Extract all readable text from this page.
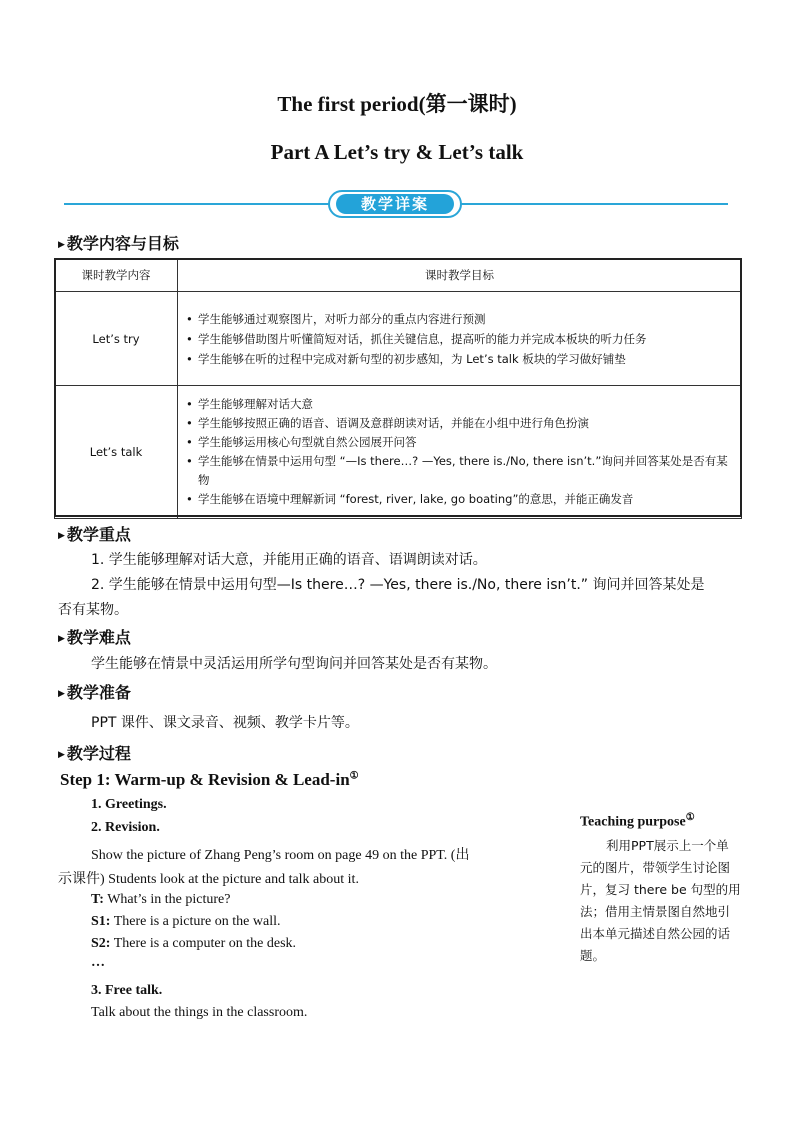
The first period(第一课时)
Part A Let’s try & Let’s talk
教学详案
▶ 教学内容与目标
课时教学内容	课时教学目标
Let’s try	• 学生能够通过观察图片，对听力部分的重点内容进行预测
• 学生能够借助图片听懂简短对话，抓住关键信息，提高听的能力并完成本板块的听力任务
• 学生能够在听的过程中完成对新句型的初步感知，为 Let’s talk 板块的学习做好铺垫

Let’s talk	• 学生能够理解对话大意
• 学生能够按照正确的语音、语调及意群朗读对话，并能在小组中进行角色扮演
• 学生能够运用核心句型就自然公园展开问答
• 学生能够在情景中运用句型 “—Is there…? —Yes, there is./No, there isn’t.”询问并回答某处是否有某物
• 学生能够在语境中理解新词 “forest, river, lake, go boating”的意思，并能正确发音
▶ 教学重点
1. 学生能够理解对话大意，并能用正确的语音、语调朗读对话。
2. 学生能够在情景中运用句型—Is there…? —Yes, there is./No, there isn’t.” 询问并回答某处是
否有某物。
▶ 教学难点
学生能够在情景中灵活运用所学句型询问并回答某处是否有某物。
▶ 教学准备
PPT 课件、课文录音、视频、教学卡片等。
▶ 教学过程
Step 1: Warm-up & Revision & Lead-in①
1. Greetings.
2. Revision.
Show the picture of Zhang Peng’s room on page 49 on the PPT. (出
示课件) Students look at the picture and talk about it.
T: What’s in the picture?
S1: There is a picture on the wall.
S2: There is a computer on the desk.
…
3. Free talk.
Talk about the things in the classroom.
Teaching purpose①
利用PPT展示上一个单
元的图片，带领学生讨论图
片，复习 there be 句型的用
法；借用主情景图自然地引
出本单元描述自然公园的话
题。
